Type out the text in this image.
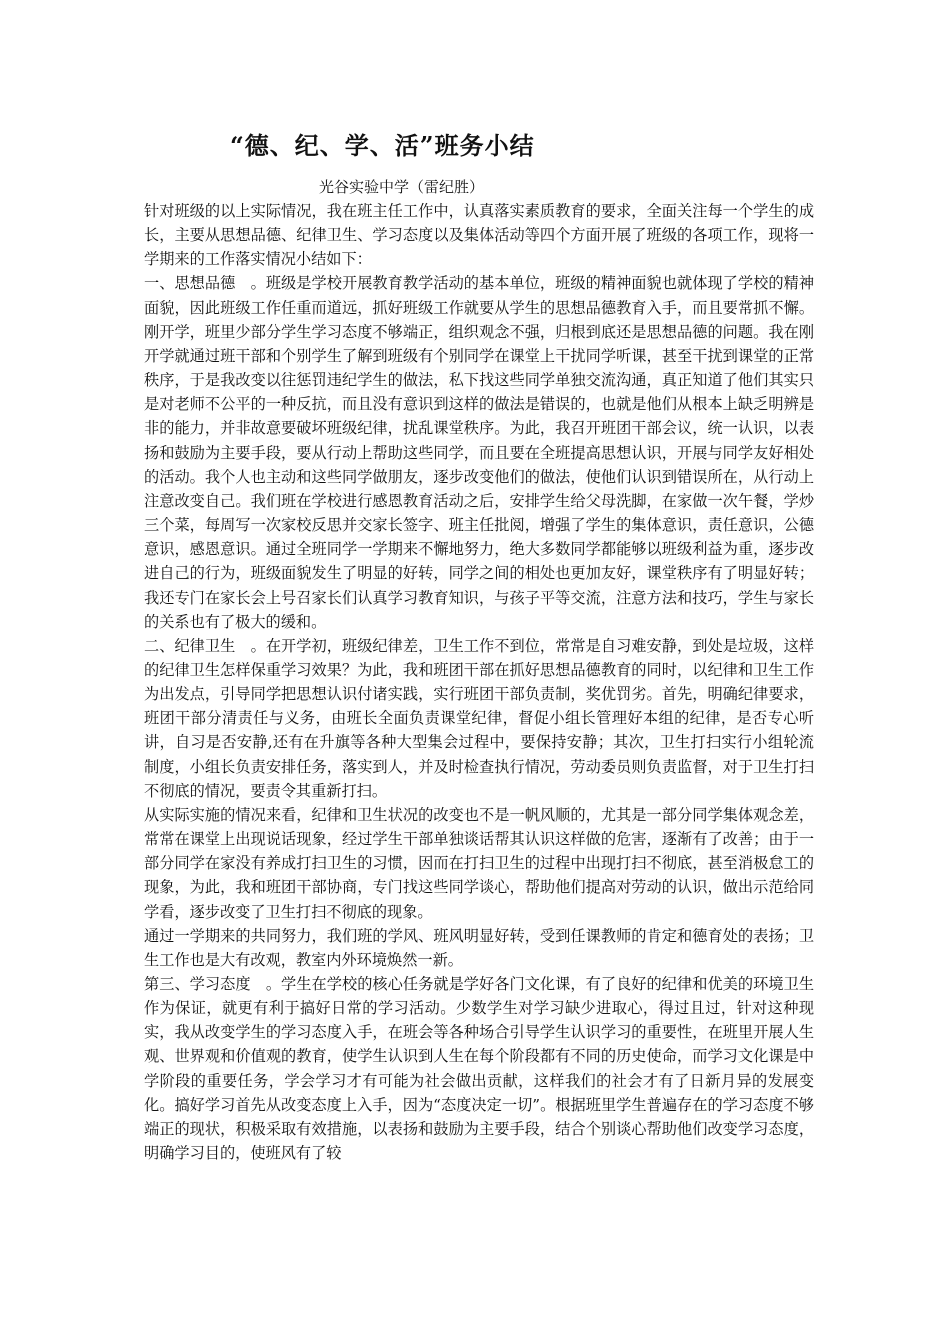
“德、纪、学、活”班务小结

光谷实验中学（雷纪胜）

针对班级的以上实际情况，我在班主任工作中，认真落实素质教育的要求，全面关注每一个学生的成长，主要从思想品德、纪律卫生、学习态度以及集体活动等四个方面开展了班级的各项工作，现将一学期来的工作落实情况小结如下：

一、思想品德　。班级是学校开展教育教学活动的基本单位，班级的精神面貌也就体现了学校的精神面貌，因此班级工作任重而道远，抓好班级工作就要从学生的思想品德教育入手，而且要常抓不懈。刚开学，班里少部分学生学习态度不够端正，组织观念不强，归根到底还是思想品德的问题。我在刚开学就通过班干部和个别学生了解到班级有个别同学在课堂上干扰同学听课，甚至干扰到课堂的正常秩序，于是我改变以往惩罚违纪学生的做法，私下找这些同学单独交流沟通，真正知道了他们其实只是对老师不公平的一种反抗，而且没有意识到这样的做法是错误的，也就是他们从根本上缺乏明辨是非的能力，并非故意要破坏班级纪律，扰乱课堂秩序。为此，我召开班团干部会议，统一认识，以表扬和鼓励为主要手段，要从行动上帮助这些同学，而且要在全班提高思想认识，开展与同学友好相处的活动。我个人也主动和这些同学做朋友，逐步改变他们的做法，使他们认识到错误所在，从行动上注意改变自己。我们班在学校进行感恩教育活动之后，安排学生给父母洗脚，在家做一次午餐，学炒三个菜，每周写一次家校反思并交家长签字、班主任批阅，增强了学生的集体意识，责任意识，公德意识，感恩意识。通过全班同学一学期来不懈地努力，绝大多数同学都能够以班级利益为重，逐步改进自己的行为，班级面貌发生了明显的好转，同学之间的相处也更加友好，课堂秩序有了明显好转；我还专门在家长会上号召家长们认真学习教育知识，与孩子平等交流，注意方法和技巧，学生与家长的关系也有了极大的缓和。

二、纪律卫生　。在开学初，班级纪律差，卫生工作不到位，常常是自习难安静，到处是垃圾，这样的纪律卫生怎样保重学习效果？为此，我和班团干部在抓好思想品德教育的同时，以纪律和卫生工作为出发点，引导同学把思想认识付诸实践，实行班团干部负责制，奖优罚劣。首先，明确纪律要求，班团干部分清责任与义务，由班长全面负责课堂纪律，督促小组长管理好本组的纪律，是否专心听讲，自习是否安静,还有在升旗等各种大型集会过程中，要保持安静；其次，卫生打扫实行小组轮流制度，小组长负责安排任务，落实到人，并及时检查执行情况，劳动委员则负责监督，对于卫生打扫不彻底的情况，要责令其重新打扫。

从实际实施的情况来看，纪律和卫生状况的改变也不是一帆风顺的，尤其是一部分同学集体观念差，常常在课堂上出现说话现象，经过学生干部单独谈话帮其认识这样做的危害，逐渐有了改善；由于一部分同学在家没有养成打扫卫生的习惯，因而在打扫卫生的过程中出现打扫不彻底，甚至消极怠工的现象，为此，我和班团干部协商，专门找这些同学谈心，帮助他们提高对劳动的认识，做出示范给同学看，逐步改变了卫生打扫不彻底的现象。

通过一学期来的共同努力，我们班的学风、班风明显好转，受到任课教师的肯定和德育处的表扬；卫生工作也是大有改观，教室内外环境焕然一新。

第三、学习态度　。学生在学校的核心任务就是学好各门文化课，有了良好的纪律和优美的环境卫生作为保证，就更有利于搞好日常的学习活动。少数学生对学习缺少进取心，得过且过，针对这种现实，我从改变学生的学习态度入手，在班会等各种场合引导学生认识学习的重要性，在班里开展人生观、世界观和价值观的教育，使学生认识到人生在每个阶段都有不同的历史使命，而学习文化课是中学阶段的重要任务，学会学习才有可能为社会做出贡献，这样我们的社会才有了日新月异的发展变化。搞好学习首先从改变态度上入手，因为“态度决定一切”。根据班里学生普遍存在的学习态度不够端正的现状，积极采取有效措施，以表扬和鼓励为主要手段，结合个别谈心帮助他们改变学习态度，明确学习目的，使班风有了较
